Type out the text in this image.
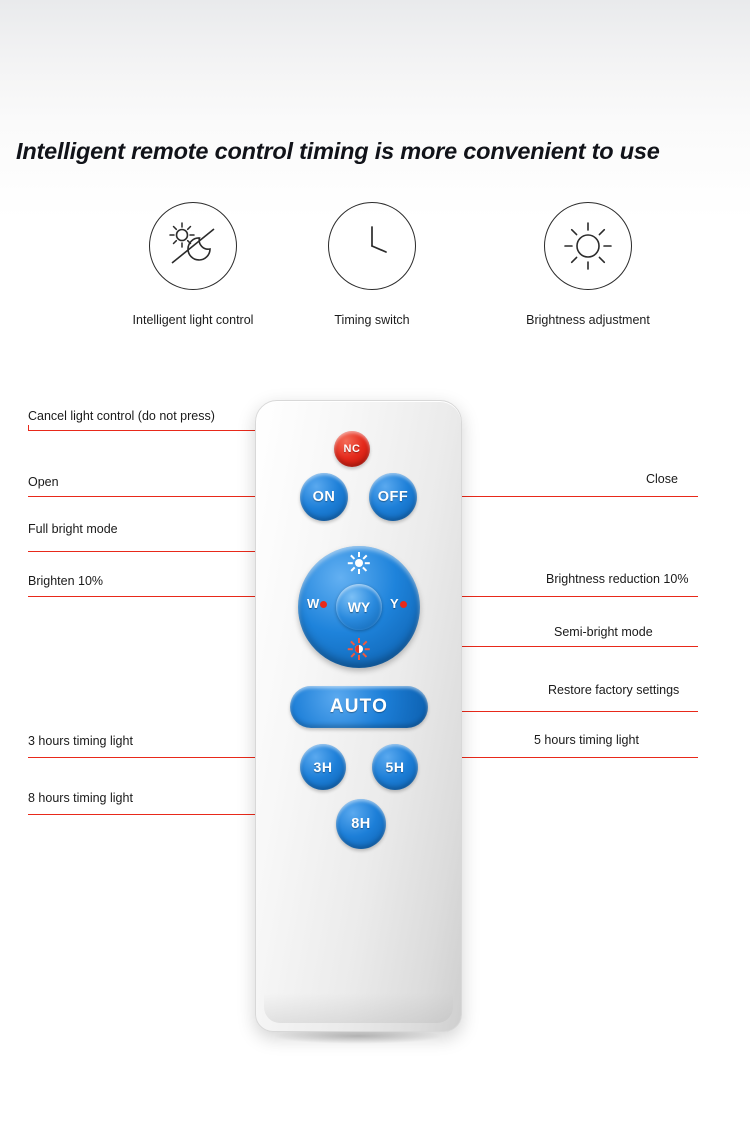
Intelligent remote control timing is more convenient to use
Intelligent light control	Timing switch	Brightness adjustment
Cancel light control (do not press)
Open	Close
Full bright mode
Brighten 10%	Brightness reduction 10%
Semi-bright mode
Restore factory settings
3 hours timing light	5 hours timing light
8 hours timing light
NC
ON	OFF
W	Y
WY
AUTO
3H	5H
8H
